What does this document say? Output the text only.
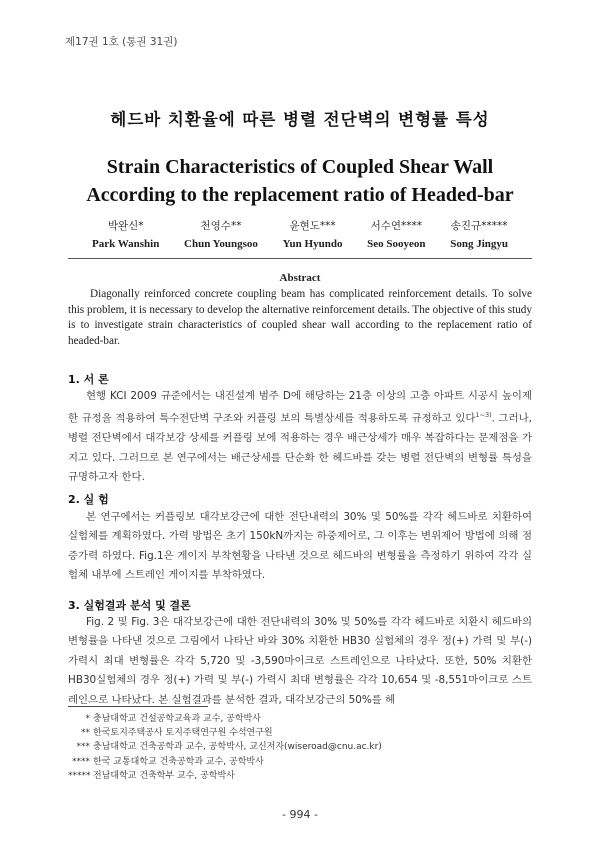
제17권 1호 (통권 31권)
헤드바 치환율에 따른 병렬 전단벽의 변형률 특성
Strain Characteristics of Coupled Shear Wall
According to the replacement ratio of Headed-bar
박완신*
Park Wanshin
천영수**
Chun Youngsoo
윤현도***
Yun Hyundo
서수연****
Seo Sooyeon
송진규*****
Song Jingyu
Abstract
Diagonally reinforced concrete coupling beam has complicated reinforcement details. To solve this problem, it is necessary to develop the alternative reinforcement details. The objective of this study is to investigate strain characteristics of coupled shear wall according to the replacement ratio of headed-bar.
1. 서 론
현행 KCI 2009 규준에서는 내진설계 범주 D에 해당하는 21층 이상의 고층 아파트 시공시 높이제한 규정을 적용하여 특수전단벽 구조와 커플링 보의 특별상세를 적용하도록 규정하고 있다$^{1\sim 3)}$. 그러나, 병렬 전단벽에서 대각보강 상세를 커플링 보에 적용하는 경우 배근상세가 매우 복잡하다는 문제점을 가지고 있다. 그러므로 본 연구에서는 배근상세를 단순화 한 헤드바를 갖는 병렬 전단벽의 변형률 특성을 규명하고자 한다.
2. 실 험
본 연구에서는 커플링보 대각보강근에 대한 전단내력의 30% 및 50%를 각각 헤드바로 치환하여 실험체를 계획하였다. 가력 방법은 초기 150kN까지는 하중제어로, 그 이후는 변위제어 방법에 의해 점증가력 하였다. Fig.1은 게이지 부착현황을 나타낸 것으로 헤드바의 변형률을 측정하기 위하여 각각 실험체 내부에 스트레인 게이지를 부착하였다.
3. 실험결과 분석 및 결론
Fig. 2 및 Fig. 3은 대각보강근에 대한 전단내력의 30% 및 50%를 각각 헤드바로 치환시 헤드바의 변형률을 나타낸 것으로 그림에서 나타난 바와 30% 치환한 HB30 실험체의 경우 정(+) 가력 및 부(-) 가력시 최대 변형률은 각각 5,720 및 -3,590마이크로 스트레인으로 나타났다. 또한, 50% 치환한 HB30실험체의 경우 정(+) 가력 및 부(-) 가력시 최대 변형률은 각각 10,654 및 -8,551마이크로 스트레인으로 나타났다. 본 실험결과를 분석한 결과, 대각보강근의 50%를 헤
* 충남대학교 건설공학교육과 교수, 공학박사
** 한국토지주택공사 토지주택연구원 수석연구원
*** 충남대학교 건축공학과 교수, 공학박사, 교신저자(wiseroad@cnu.ac.kr)
**** 한국 교통대학교 건축공학과 교수, 공학박사
***** 전남대학교 건축학부 교수, 공학박사
- 994 -
